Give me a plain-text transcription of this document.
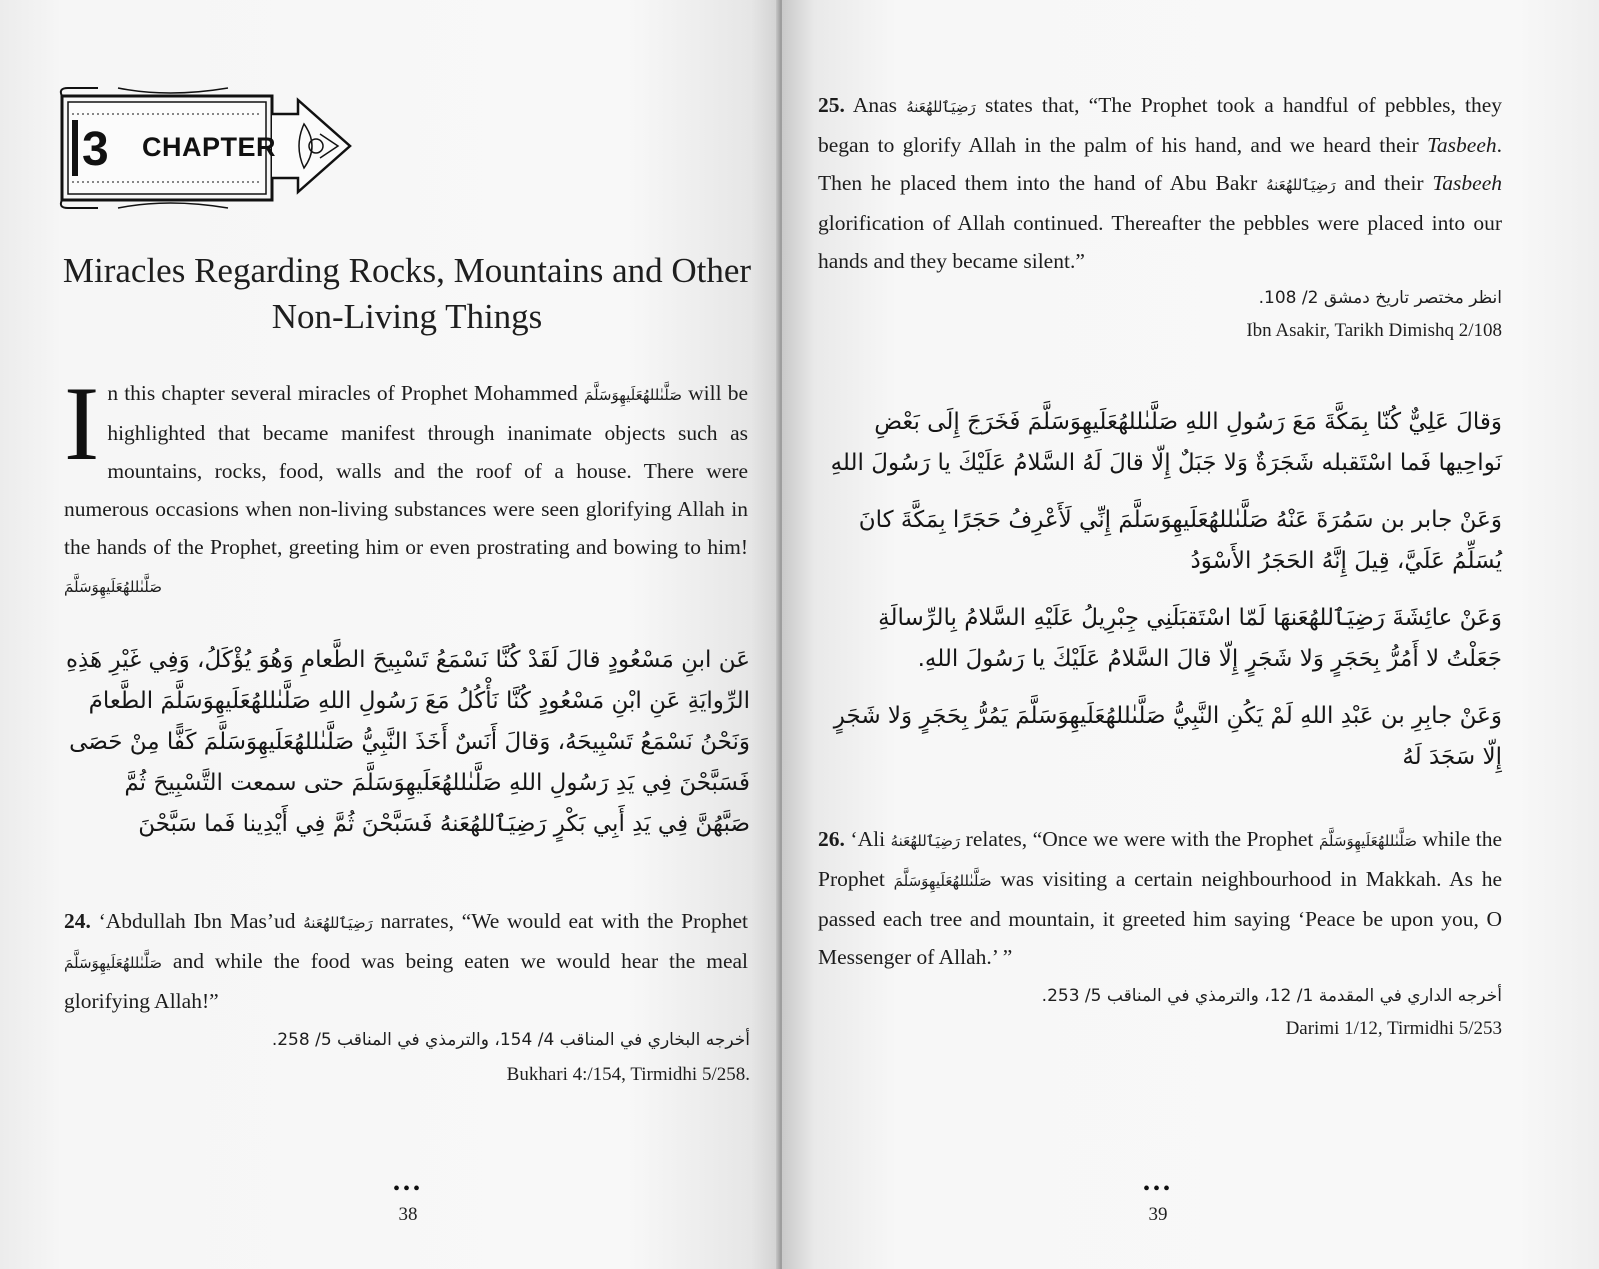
3 CHAPTER
Miracles Regarding Rocks, Mountains and Other Non-Living Things
I n this chapter several miracles of Prophet Mohammed صَلَّىٰللهُعَلَيهِوَسَلَّمَ will be highlighted that became manifest through inanimate objects such as mountains, rocks, food, walls and the roof of a house. There were numerous occasions when non-living substances were seen glorifying Allah in the hands of the Prophet, greeting him or even prostrating and bowing to him! صَلَّىٰللهُعَلَيهِوَسَلَّمَ
عَن ابنِ مَسْعُودٍ قالَ لَقَدْ كُنَّا نَسْمَعُ تَسْبِيحَ الطَّعامِ وَهُوَ يُؤْكَلُ، وَفِي غَيْرِ هَذِهِ الرِّوايَةِ عَنِ ابْنِ مَسْعُودٍ كُنَّا نَأْكُلُ مَعَ رَسُولِ اللهِ صَلَّىٰللهُعَلَيهِوَسَلَّمَ الطَّعامَ وَنَحْنُ نَسْمَعُ تَسْبِيحَهُ، وَقالَ أَنَسٌ أَخَذَ النَّبِيُّ صَلَّىٰللهُعَلَيهِوَسَلَّمَ كَفًّا مِنْ حَصَى فَسَبَّحْنَ فِي يَدِ رَسُولِ اللهِ صَلَّىٰللهُعَلَيهِوَسَلَّمَ حتى سمعت التَّسْبِيحَ ثُمَّ صَبَّهُنَّ فِي يَدِ أَبِي بَكْرٍ رَضِيَٱللهُعَنهُ فَسَبَّحْنَ ثُمَّ فِي أَيْدِينا فَما سَبَّحْنَ
24. ‘Abdullah Ibn Mas’ud رَضِيَٱللهُعَنهُ narrates, “We would eat with the Prophet صَلَّىٰللهُعَلَيهِوَسَلَّمَ and while the food was being eaten we would hear the meal glorifying Allah!”
أخرجه البخاري في المناقب 4/ 154، والترمذي في المناقب 5/ 258.
Bukhari 4:/154, Tirmidhi 5/258.
•••
38
25. Anas رَضِيَٱللهُعَنهُ states that, “The Prophet took a handful of pebbles, they began to glorify Allah in the palm of his hand, and we heard their Tasbeeh. Then he placed them into the hand of Abu Bakr رَضِيَٱللهُعَنهُ and their Tasbeeh glorification of Allah continued. Thereafter the pebbles were placed into our hands and they became silent.”
انظر مختصر تاريخ دمشق 2/ 108.
Ibn Asakir, Tarikh Dimishq 2/108
وَقالَ عَلِيٌّ كُنّا بِمَكَّةَ مَعَ رَسُولِ اللهِ صَلَّىٰللهُعَلَيهِوَسَلَّمَ فَخَرَجَ إِلَى بَعْضِ نَواحِيها فَما اسْتَقبله شَجَرَةٌ وَلا جَبَلٌ إِلّا قالَ لَهُ السَّلامُ عَلَيْكَ يا رَسُولَ اللهِ
وَعَنْ جابر بن سَمُرَةَ عَنْهُ صَلَّىٰللهُعَلَيهِوَسَلَّمَ إِنِّي لَأَعْرِفُ حَجَرًا بِمَكَّةَ كانَ يُسَلِّمُ عَلَيَّ، قِيلَ إِنَّهُ الحَجَرُ الأَسْوَدُ
وَعَنْ عائِشَةَ رَضِيَٱللهُعَنهَا لَمّا اسْتَقبَلَنِي جِبْرِيلُ عَلَيْهِ السَّلامُ بِالرِّسالَةِ جَعَلْتُ لا أَمُرُّ بِحَجَرٍ وَلا شَجَرٍ إِلّا قالَ السَّلامُ عَلَيْكَ يا رَسُولَ اللهِ.
وَعَنْ جابِرِ بن عَبْدِ اللهِ لَمْ يَكُنِ النَّبِيُّ صَلَّىٰللهُعَلَيهِوَسَلَّمَ يَمُرُّ بِحَجَرٍ وَلا شَجَرٍ إِلّا سَجَدَ لَهُ
26. ‘Ali رَضِيَٱللهُعَنهُ relates, “Once we were with the Prophet صَلَّىٰللهُعَلَيهِوَسَلَّمَ while the Prophet صَلَّىٰللهُعَلَيهِوَسَلَّمَ was visiting a certain neighbourhood in Makkah. As he passed each tree and mountain, it greeted him saying ‘Peace be upon you, O Messenger of Allah.’ ”
أخرجه الداري في المقدمة 1/ 12، والترمذي في المناقب 5/ 253.
Darimi 1/12, Tirmidhi 5/253
•••
39
